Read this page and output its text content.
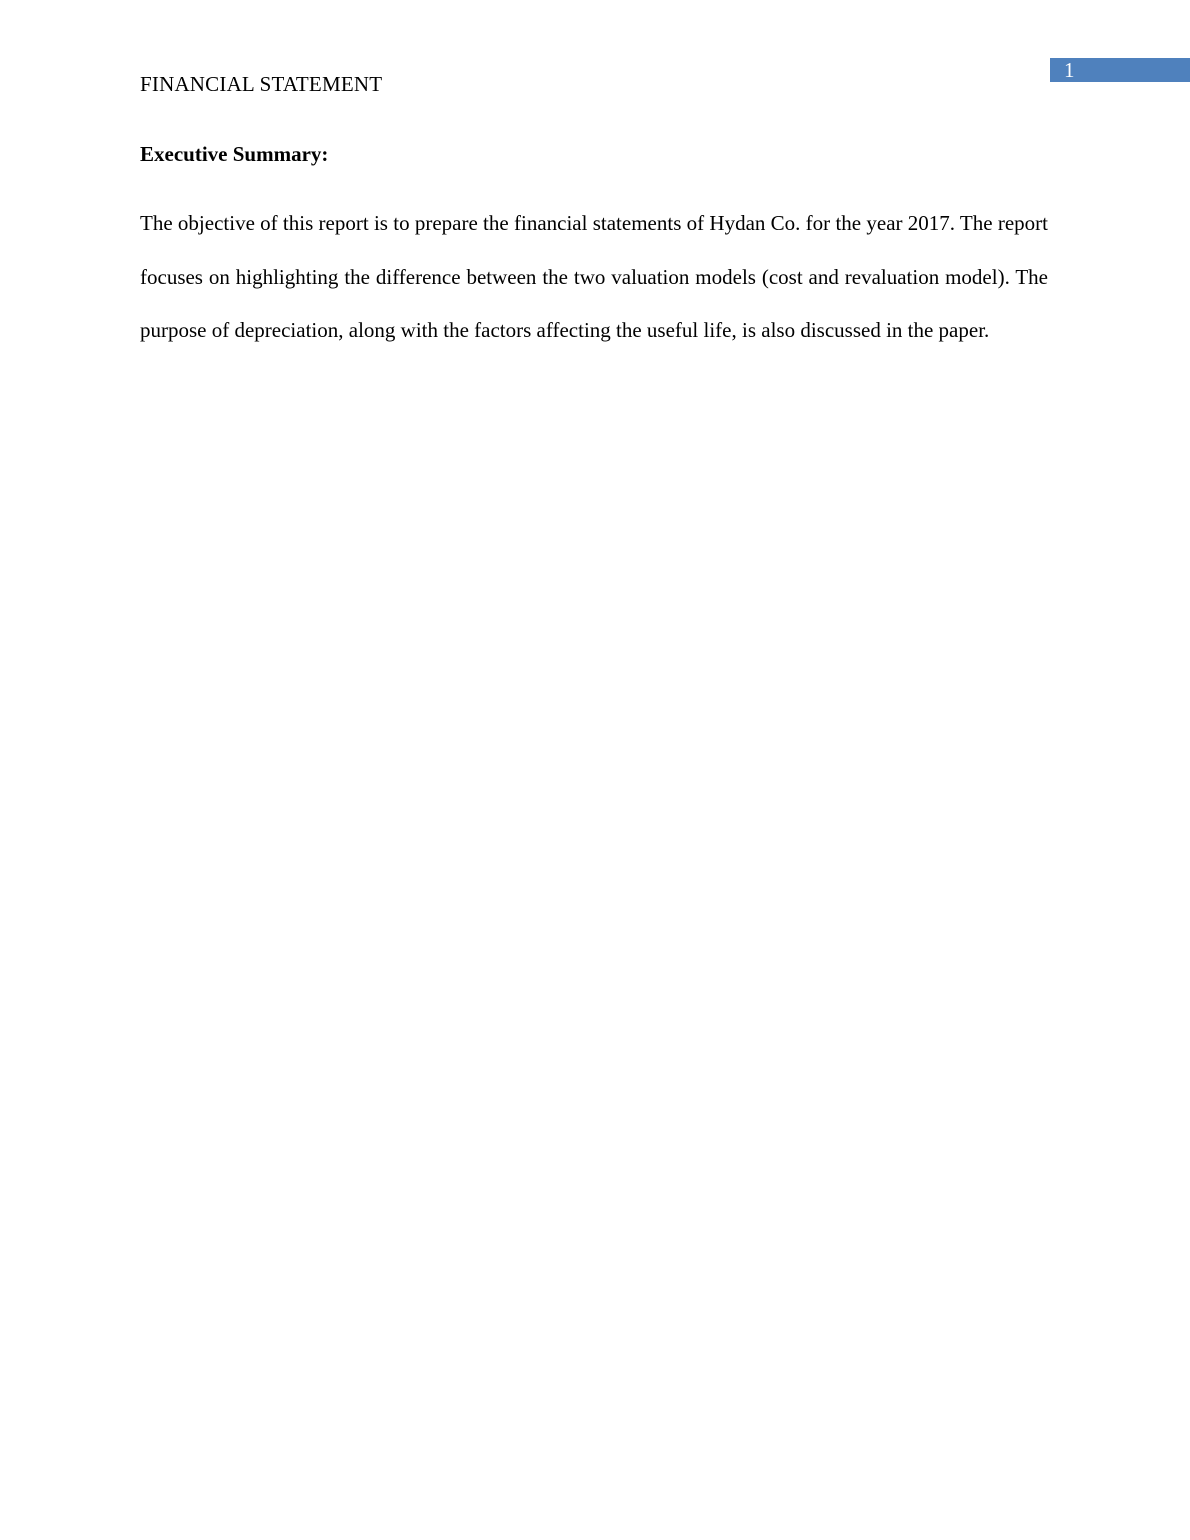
1
FINANCIAL STATEMENT
Executive Summary:

The objective of this report is to prepare the financial statements of Hydan Co. for the year 2017. The report focuses on highlighting the difference between the two valuation models (cost and revaluation model). The purpose of depreciation, along with the factors affecting the useful life, is also discussed in the paper.
